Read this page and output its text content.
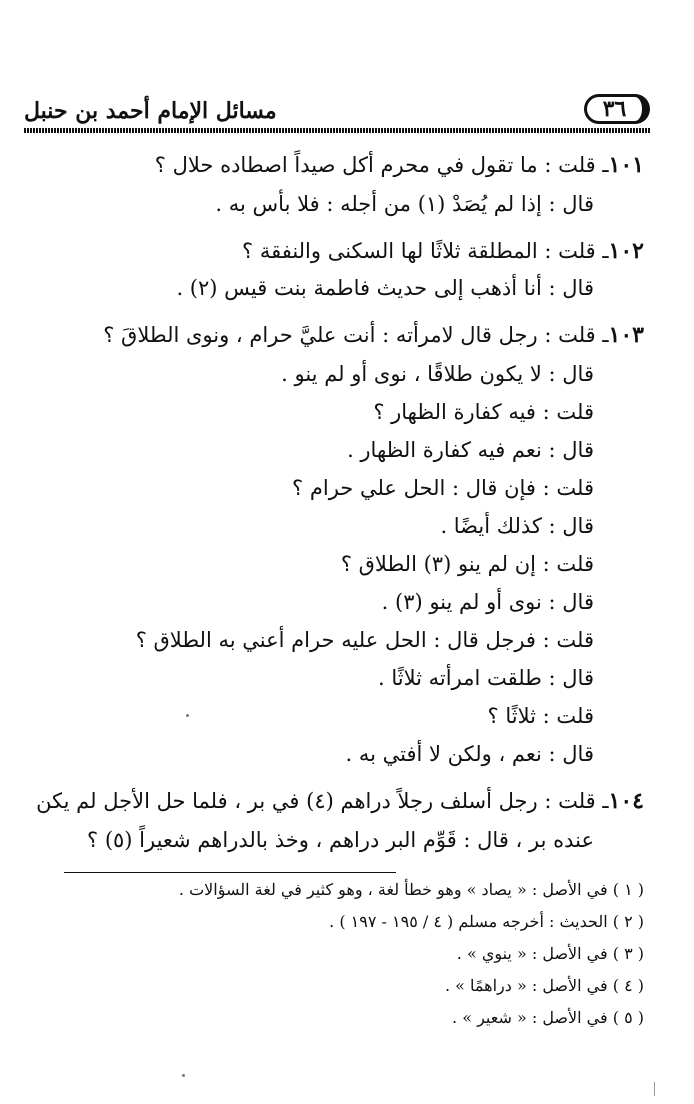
٣٦
مسائل الإمام أحمد بن حنبل
١٠١ـ قلت : ما تقول في محرم أكل صيداً اصطاده حلال ؟
قال : إذا لم يُصَدْ (١) من أجله : فلا بأس به .
١٠٢ـ قلت : المطلقة ثلاثًا لها السكنى والنفقة ؟
قال : أنا أذهب إلى حديث فاطمة بنت قيس (٢) .
١٠٣ـ قلت : رجل قال لامرأته : أنت عليَّ حرام ، ونوى الطلاقَ ؟
قال : لا يكون طلاقًا ، نوى أو لم ينو .
قلت : فيه كفارة الظهار ؟
قال : نعم فيه كفارة الظهار .
قلت : فإن قال : الحل علي حرام ؟
قال : كذلك أيضًا .
قلت : إن لم ينو (٣) الطلاق ؟
قال : نوى أو لم ينو (٣) .
قلت : فرجل قال : الحل عليه حرام أعني به الطلاق ؟
قال : طلقت امرأته ثلاثًا .
قلت : ثلاثًا ؟
قال : نعم ، ولكن لا أفتي به .
١٠٤ـ قلت : رجل أسلف رجلاً دراهم (٤) في بر ، فلما حل الأجل لم يكن
عنده بر ، قال : قَوِّم البر دراهم ، وخذ بالدراهم شعيراً (٥) ؟
( ١ ) في الأصل : « يصاد » وهو خطأ لغة ، وهو كثير في لغة السؤالات .
( ٢ ) الحديث : أخرجه مسلم ( ٤ / ١٩٥ - ١٩٧ ) .
( ٣ ) في الأصل : « ينوي » .
( ٤ ) في الأصل : « دراهمًا » .
( ٥ ) في الأصل : « شعير » .
